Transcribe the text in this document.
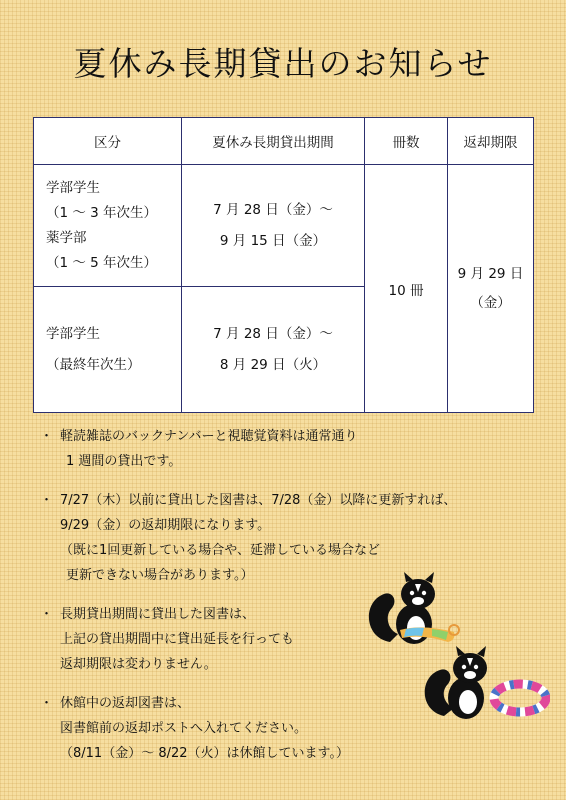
夏休み長期貸出のお知らせ
区分	夏休み長期貸出期間	冊数	返却期限

学部学生
（1 ～ 3 年次生）
薬学部
（1 ～ 5 年次生）	7 月 28 日（金）～
9 月 15 日（金）	10 冊	9 月 29 日
（金）

学部学生
（最終年次生）	7 月 28 日（金）～
8 月 29 日（火）		
・ 軽読雑誌のバックナンバーと視聴覚資料は通常通り
1 週間の貸出です。
・ 7/27（木）以前に貸出した図書は、7/28（金）以降に更新すれば、
9/29（金）の返却期限になります。
（既に1回更新している場合や、延滞している場合など
更新できない場合があります。）
・ 長期貸出期間に貸出した図書は、
上記の貸出期間中に貸出延長を行っても
返却期限は変わりません。
・ 休館中の返却図書は、
図書館前の返却ポストへ入れてください。
（8/11（金）～ 8/22（火）は休館しています。）
